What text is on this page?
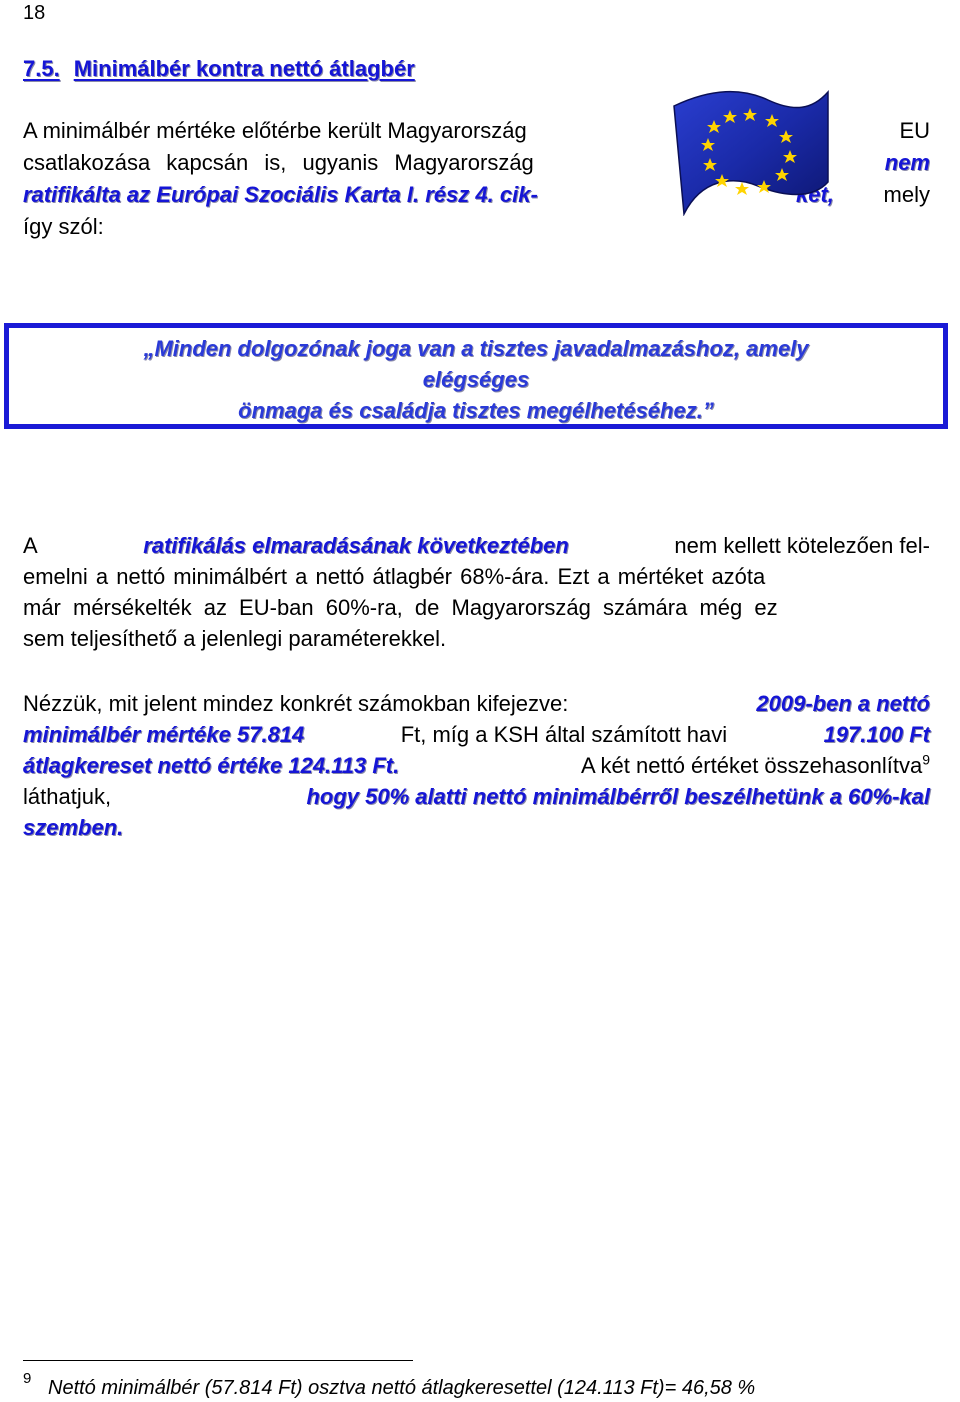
18
7.5. Minimálbér kontra nettó átlagbér
A minimálbér mértéke előtérbe került Magyarország	EU
csatlakozása kapcsán is, ugyanis Magyarország	nem
ratifikálta az Európai Szociális Karta I. rész 4. cik-	két, mely
így szól:
„Minden dolgozónak joga van a tisztes javadalmazáshoz, amely
elégséges
önmaga és családja tisztes megélhetéséhez.”
A	ratifikálás elmaradásának következtében	nem kellett kötelezően fel-
emelni a nettó minimálbért a nettó átlagbér 68%-ára. Ezt a mértéket azóta
már mérsékelték az EU-ban 60%-ra, de Magyarország számára még ez
sem teljesíthető a jelenlegi paraméterekkel.
Nézzük, mit jelent mindez konkrét számokban kifejezve:	2009-ben a nettó
minimálbér mértéke 57.814	Ft, míg a KSH által számított havi	197.100 Ft
átlagkereset nettó értéke 124.113 Ft.	A két nettó értéket összehasonlítva$^9$
láthatjuk,	hogy 50% alatti nettó minimálbérről beszélhetünk a 60%-kal
szemben.
9 Nettó minimálbér (57.814 Ft) osztva nettó átlagkeresettel (124.113 Ft)= 46,58 %
